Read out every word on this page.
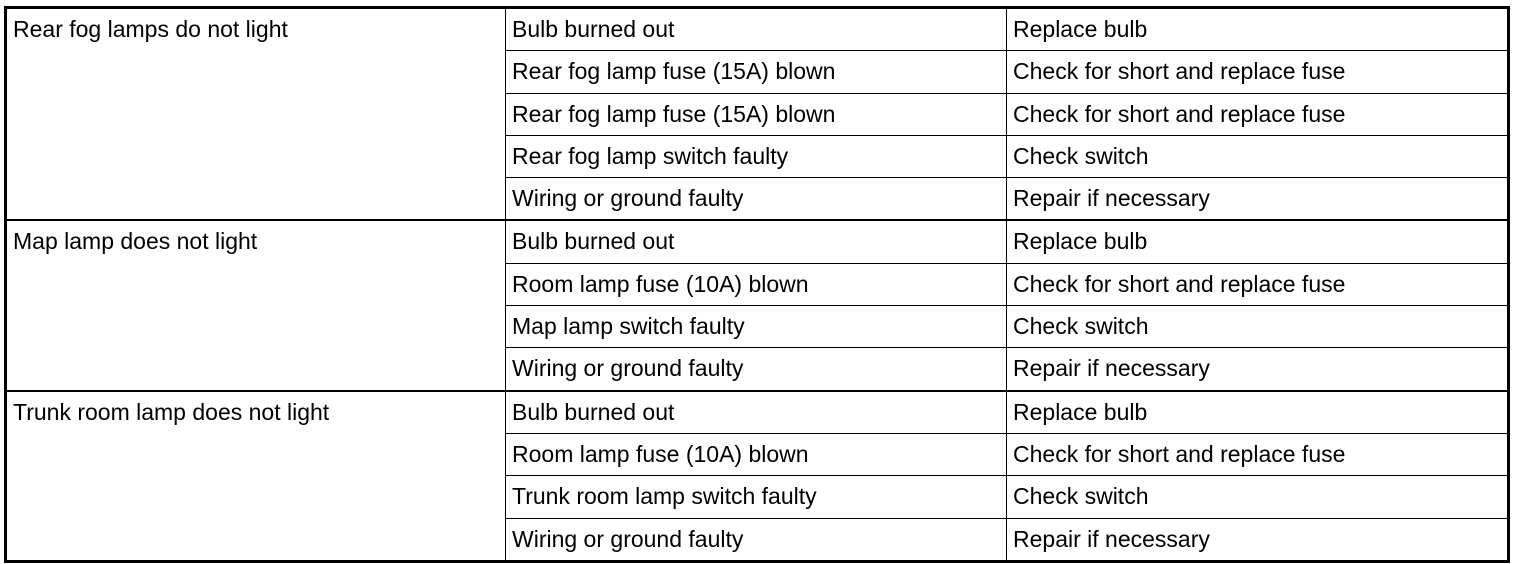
Rear fog lamps do not light	Bulb burned out	Replace bulb
	Rear fog lamp fuse (15A) blown	Check for short and replace fuse
	Rear fog lamp fuse (15A) blown	Check for short and replace fuse
	Rear fog lamp switch faulty	Check switch
	Wiring or ground faulty	Repair if necessary
Map lamp does not light	Bulb burned out	Replace bulb
	Room lamp fuse (10A) blown	Check for short and replace fuse
	Map lamp switch faulty	Check switch
	Wiring or ground faulty	Repair if necessary
Trunk room lamp does not light	Bulb burned out	Replace bulb
	Room lamp fuse (10A) blown	Check for short and replace fuse
	Trunk room lamp switch faulty	Check switch
	Wiring or ground faulty	Repair if necessary
